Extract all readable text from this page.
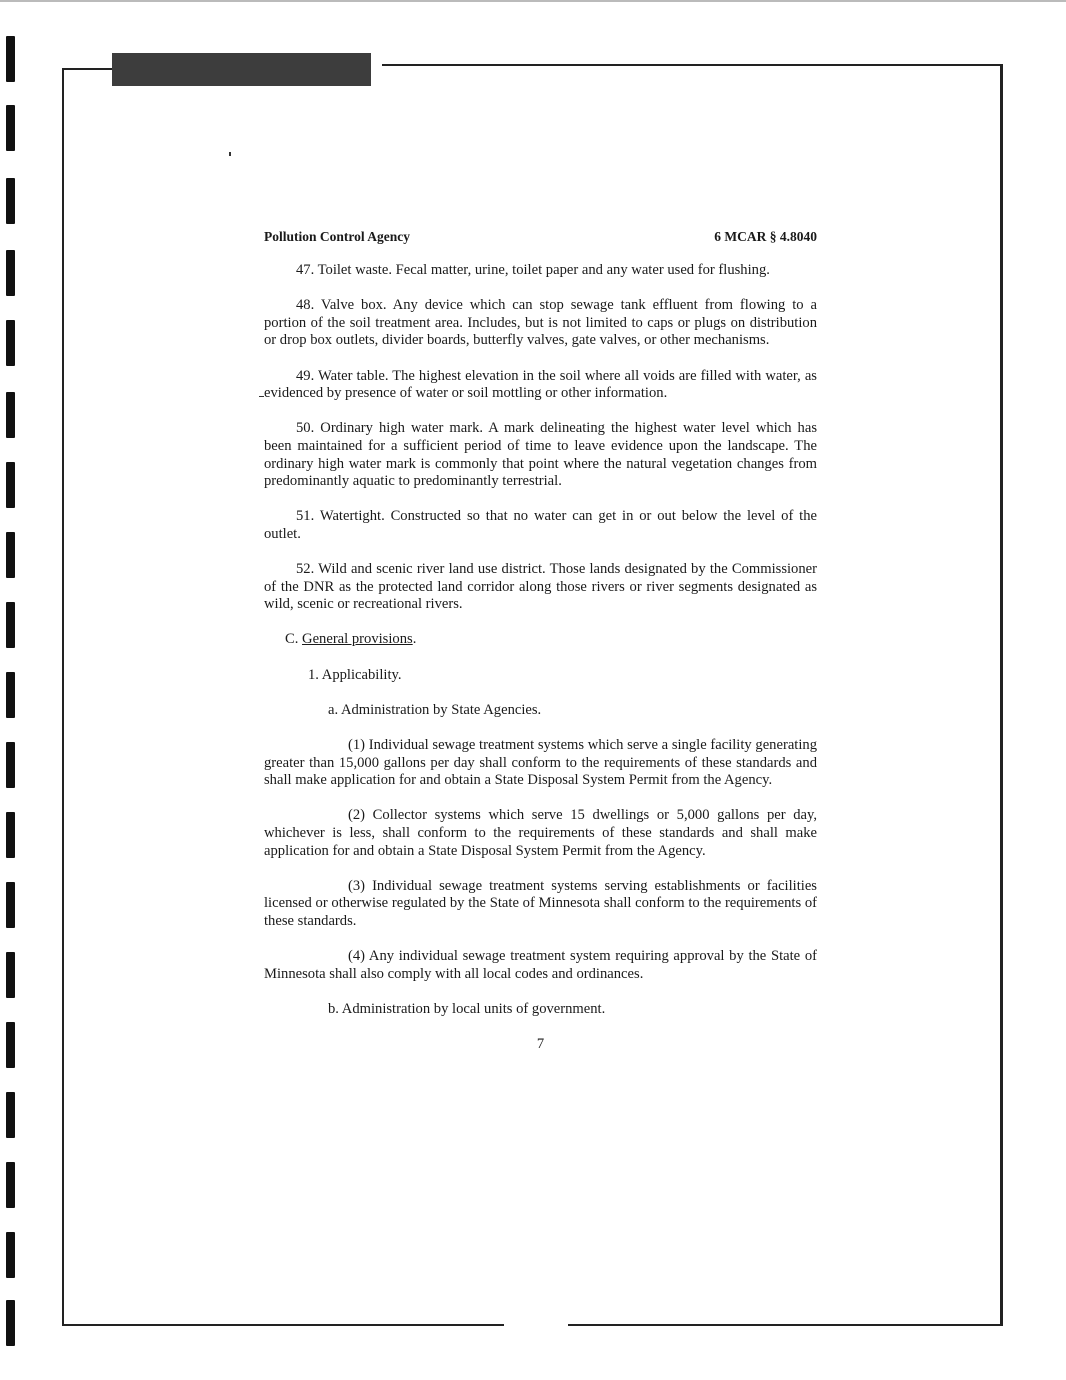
Pollution Control Agency	6 MCAR § 4.8040

47. Toilet waste. Fecal matter, urine, toilet paper and any water used for flushing.

48. Valve box. Any device which can stop sewage tank effluent from flowing to a portion of the soil treatment area. Includes, but is not limited to caps or plugs on distribution or drop box outlets, divider boards, butterfly valves, gate valves, or other mechanisms.

49. Water table. The highest elevation in the soil where all voids are filled with water, as evidenced by presence of water or soil mottling or other information.

50. Ordinary high water mark. A mark delineating the highest water level which has been maintained for a sufficient period of time to leave evidence upon the landscape. The ordinary high water mark is commonly that point where the natural vegetation changes from predominantly aquatic to predominantly terrestrial.

51. Watertight. Constructed so that no water can get in or out below the level of the outlet.

52. Wild and scenic river land use district. Those lands designated by the Commissioner of the DNR as the protected land corridor along those rivers or river segments designated as wild, scenic or recreational rivers.

C. General provisions.

1. Applicability.

a. Administration by State Agencies.

(1) Individual sewage treatment systems which serve a single facility generating greater than 15,000 gallons per day shall conform to the requirements of these standards and shall make application for and obtain a State Disposal System Permit from the Agency.

(2) Collector systems which serve 15 dwellings or 5,000 gallons per day, whichever is less, shall conform to the requirements of these standards and shall make application for and obtain a State Disposal System Permit from the Agency.

(3) Individual sewage treatment systems serving establishments or facilities licensed or otherwise regulated by the State of Minnesota shall conform to the requirements of these standards.

(4) Any individual sewage treatment system requiring approval by the State of Minnesota shall also comply with all local codes and ordinances.

b. Administration by local units of government.

7
